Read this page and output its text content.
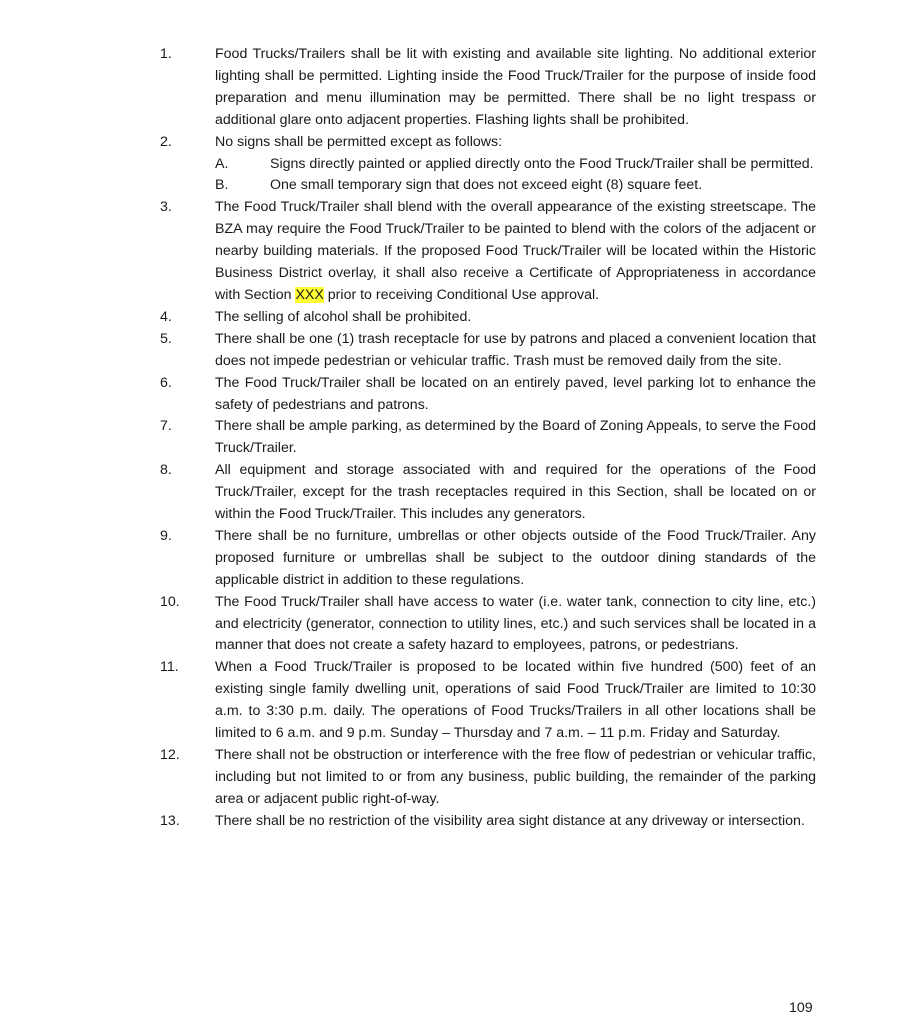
1.	Food Trucks/Trailers shall be lit with existing and available site lighting. No additional exterior lighting shall be permitted. Lighting inside the Food Truck/Trailer for the purpose of inside food preparation and menu illumination may be permitted. There shall be no light trespass or additional glare onto adjacent properties. Flashing lights shall be prohibited.
2.	No signs shall be permitted except as follows:
A.	Signs directly painted or applied directly onto the Food Truck/Trailer shall be permitted.
B.	One small temporary sign that does not exceed eight (8) square feet.
3.	The Food Truck/Trailer shall blend with the overall appearance of the existing streetscape. The BZA may require the Food Truck/Trailer to be painted to blend with the colors of the adjacent or nearby building materials. If the proposed Food Truck/Trailer will be located within the Historic Business District overlay, it shall also receive a Certificate of Appropriateness in accordance with Section XXX prior to receiving Conditional Use approval.
4.	The selling of alcohol shall be prohibited.
5.	There shall be one (1) trash receptacle for use by patrons and placed a convenient location that does not impede pedestrian or vehicular traffic. Trash must be removed daily from the site.
6.	The Food Truck/Trailer shall be located on an entirely paved, level parking lot to enhance the safety of pedestrians and patrons.
7.	There shall be ample parking, as determined by the Board of Zoning Appeals, to serve the Food Truck/Trailer.
8.	All equipment and storage associated with and required for the operations of the Food Truck/Trailer, except for the trash receptacles required in this Section, shall be located on or within the Food Truck/Trailer. This includes any generators.
9.	There shall be no furniture, umbrellas or other objects outside of the Food Truck/Trailer. Any proposed furniture or umbrellas shall be subject to the outdoor dining standards of the applicable district in addition to these regulations.
10.	The Food Truck/Trailer shall have access to water (i.e. water tank, connection to city line, etc.) and electricity (generator, connection to utility lines, etc.) and such services shall be located in a manner that does not create a safety hazard to employees, patrons, or pedestrians.
11.	When a Food Truck/Trailer is proposed to be located within five hundred (500) feet of an existing single family dwelling unit, operations of said Food Truck/Trailer are limited to 10:30 a.m. to 3:30 p.m. daily. The operations of Food Trucks/Trailers in all other locations shall be limited to 6 a.m. and 9 p.m. Sunday – Thursday and 7 a.m. – 11 p.m. Friday and Saturday.
12.	There shall not be obstruction or interference with the free flow of pedestrian or vehicular traffic, including but not limited to or from any business, public building, the remainder of the parking area or adjacent public right-of-way.
13.	There shall be no restriction of the visibility area sight distance at any driveway or intersection.
109
